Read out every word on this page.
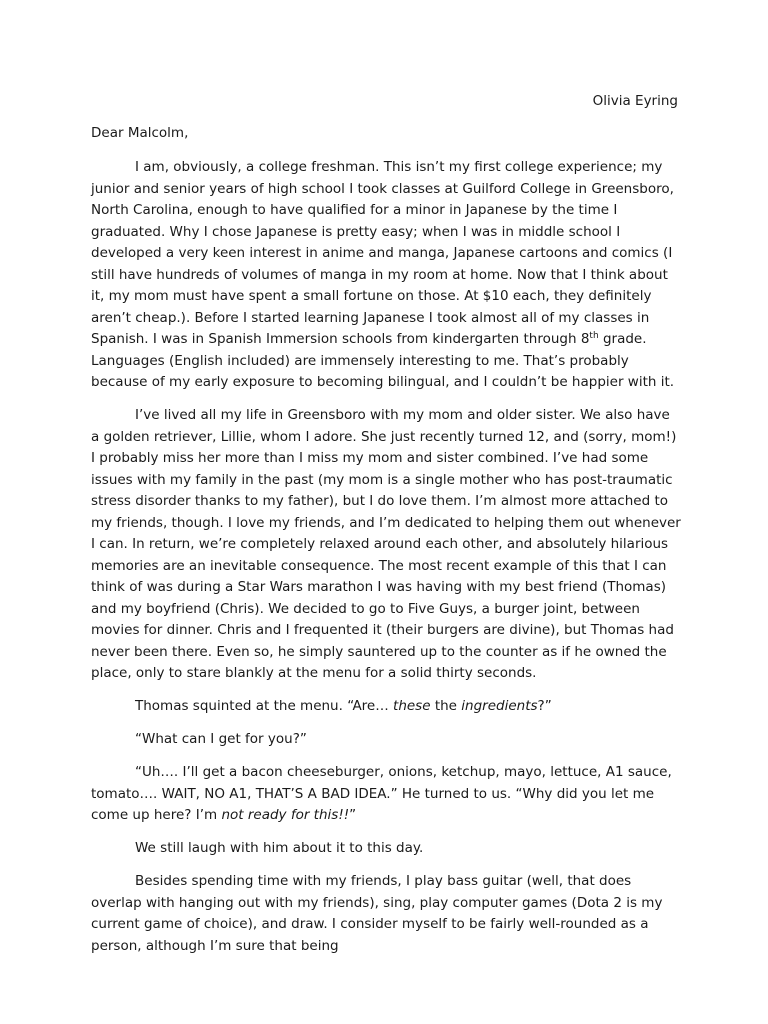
Olivia Eyring
Dear Malcolm,

I am, obviously, a college freshman. This isn’t my first college experience; my junior and senior years of high school I took classes at Guilford College in Greensboro, North Carolina, enough to have qualified for a minor in Japanese by the time I graduated. Why I chose Japanese is pretty easy; when I was in middle school I developed a very keen interest in anime and manga, Japanese cartoons and comics (I still have hundreds of volumes of manga in my room at home. Now that I think about it, my mom must have spent a small fortune on those. At $10 each, they definitely aren’t cheap.). Before I started learning Japanese I took almost all of my classes in Spanish. I was in Spanish Immersion schools from kindergarten through 8th grade. Languages (English included) are immensely interesting to me. That’s probably because of my early exposure to becoming bilingual, and I couldn’t be happier with it.

I’ve lived all my life in Greensboro with my mom and older sister. We also have a golden retriever, Lillie, whom I adore. She just recently turned 12, and (sorry, mom!) I probably miss her more than I miss my mom and sister combined. I’ve had some issues with my family in the past (my mom is a single mother who has post-traumatic stress disorder thanks to my father), but I do love them. I’m almost more attached to my friends, though. I love my friends, and I’m dedicated to helping them out whenever I can. In return, we’re completely relaxed around each other, and absolutely hilarious memories are an inevitable consequence. The most recent example of this that I can think of was during a Star Wars marathon I was having with my best friend (Thomas) and my boyfriend (Chris). We decided to go to Five Guys, a burger joint, between movies for dinner. Chris and I frequented it (their burgers are divine), but Thomas had never been there. Even so, he simply sauntered up to the counter as if he owned the place, only to stare blankly at the menu for a solid thirty seconds.

Thomas squinted at the menu. “Are… these the ingredients?”

“What can I get for you?”

“Uh…. I’ll get a bacon cheeseburger, onions, ketchup, mayo, lettuce, A1 sauce, tomato…. WAIT, NO A1, THAT’S A BAD IDEA.” He turned to us. “Why did you let me come up here? I’m not ready for this!!”

We still laugh with him about it to this day.

Besides spending time with my friends, I play bass guitar (well, that does overlap with hanging out with my friends), sing, play computer games (Dota 2 is my current game of choice), and draw. I consider myself to be fairly well-rounded as a person, although I’m sure that being
